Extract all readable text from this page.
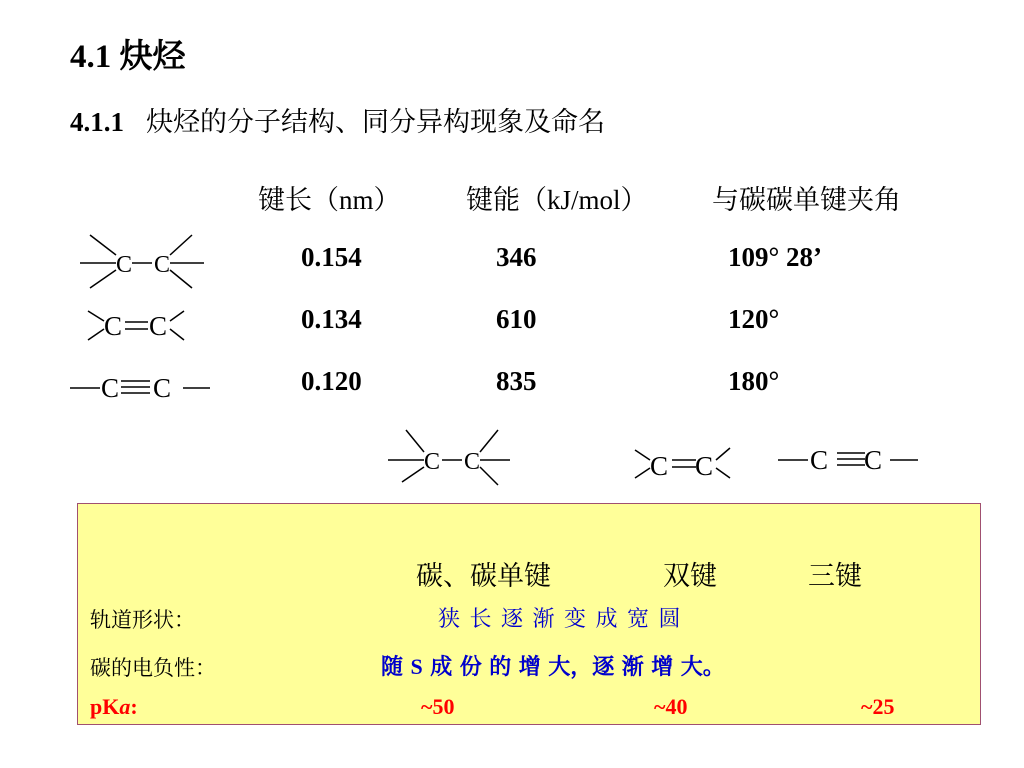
4.1 炔烃
4.1.1 炔烃的分子结构、同分异构现象及命名
键长（nm） 键能（kJ/mol） 与碳碳单键夹角
C C
C C
C C
0.154	346	109° 28’
0.134	610	120°
0.120	835	180°
C C	C C	C C
碳、碳单键	双键	三键
轨道形状：	狭 长 逐 渐 变 成 宽 圆
碳的电负性：	随 S 成 份 的 增 大，逐 渐 增 大。
pKa:	~50	~40	~25
